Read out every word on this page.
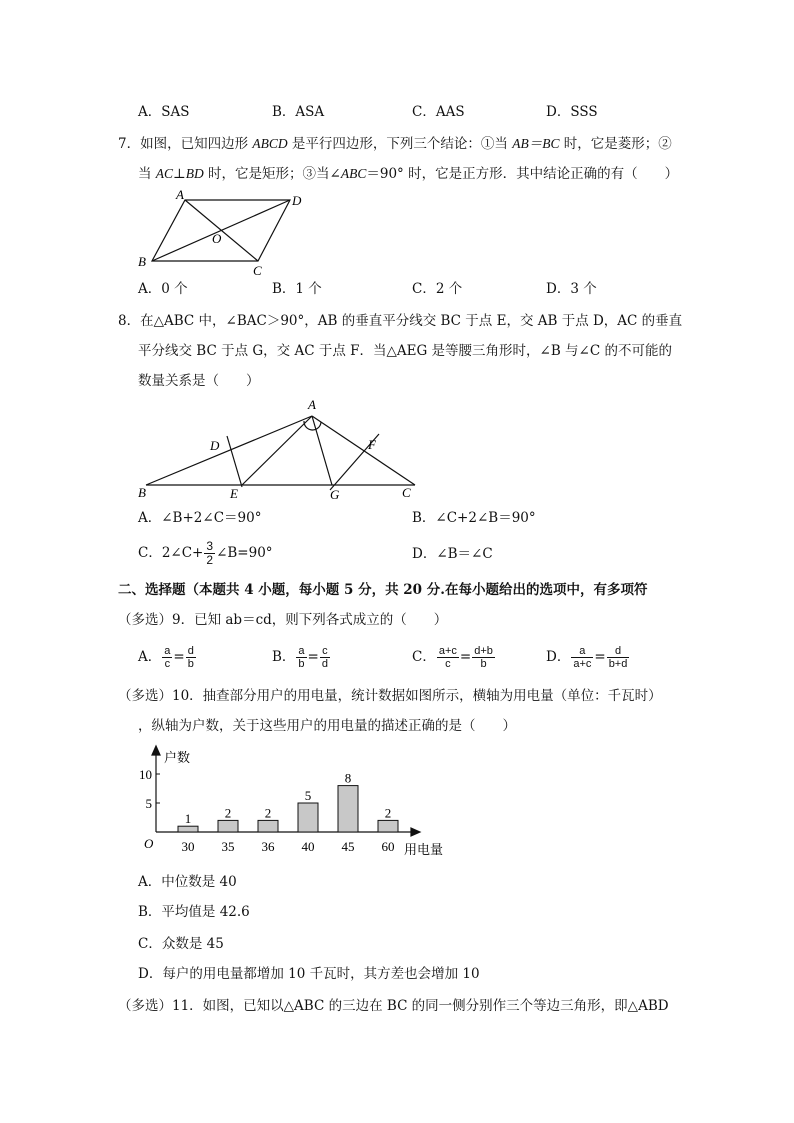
A．SAS	B．ASA	C．AAS	D．SSS
7．如图，已知四边形 ABCD 是平行四边形，下列三个结论：①当 AB＝BC 时，它是菱形；②
当 AC⊥BD 时，它是矩形；③当∠ABC＝90° 时，它是正方形．其中结论正确的有（　　）
A	D
O
B
C
A．0 个	B．1 个	C．2 个	D．3 个
8．在△ABC 中，∠BAC＞90°，AB 的垂直平分线交 BC 于点 E，交 AB 于点 D，AC 的垂直
平分线交 BC 于点 G，交 AC 于点 F．当△AEG 是等腰三角形时，∠B 与∠C 的不可能的
数量关系是（　　）
A
D	F
B	E	G	C
A．∠B+2∠C＝90°	B．∠C+2∠B＝90°
C．2∠C+ $\frac{3}{2}$ ∠B=90°	D．∠B＝∠C
二、选择题（本题共 4 小题，每小题 5 分，共 20 分.在每小题给出的选项中，有多项符
（多选）9．已知 ab＝cd，则下列各式成立的（　　）
A． $\frac{a}{c} = \frac{d}{b}$	B． $\frac{a}{b} = \frac{c}{d}$	C． $\frac{a+c}{c} = \frac{d+b}{b}$	D． $\frac{a}{a+c} = \frac{d}{b+d}$
（多选）10．抽查部分用户的用电量，统计数据如图所示，横轴为用电量（单位：千瓦时）
，纵轴为户数，关于这些用户的用电量的描述正确的是（　　）
户数
用电量
O
5
10
1
30
2
35
2
36
5
40
8
45
2
60
A．中位数是 40
B．平均值是 42.6
C．众数是 45
D．每户的用电量都增加 10 千瓦时，其方差也会增加 10
（多选）11．如图，已知以△ABC 的三边在 BC 的同一侧分别作三个等边三角形，即△ABD
